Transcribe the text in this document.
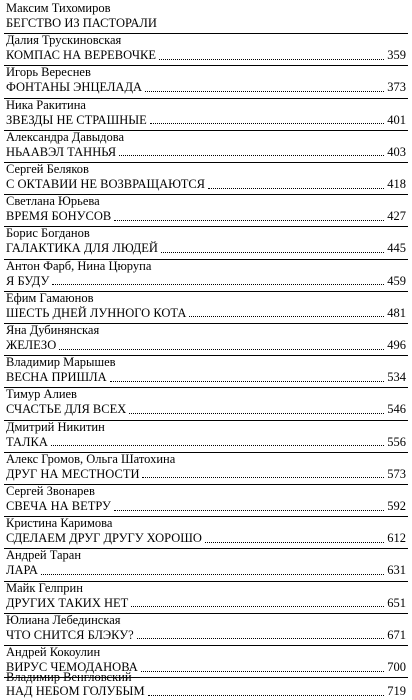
Максим Тихомиров
БЕГСТВО ИЗ ПАСТОРАЛИ
Далия Трускиновская
КОМПАС НА ВЕРЕВОЧКЕ	359
Игорь Вереснев
ФОНТАНЫ ЭНЦЕЛАДА	373
Ника Ракитина
ЗВЕЗДЫ НЕ СТРАШНЫЕ	401
Александра Давыдова
НЬААВЭЛ ТАННЬЯ	403
Сергей Беляков
С ОКТАВИИ НЕ ВОЗВРАЩАЮТСЯ	418
Светлана Юрьева
ВРЕМЯ БОНУСОВ	427
Борис Богданов
ГАЛАКТИКА ДЛЯ ЛЮДЕЙ	445
Антон Фарб, Нина Цюрупа
Я БУДУ	459
Ефим Гамаюнов
ШЕСТЬ ДНЕЙ ЛУННОГО КОТА	481
Яна Дубинянская
ЖЕЛЕЗО	496
Владимир Марышев
ВЕСНА ПРИШЛА	534
Тимур Алиев
СЧАСТЬЕ ДЛЯ ВСЕХ	546
Дмитрий Никитин
ТАЛКА	556
Алекс Громов, Ольга Шатохина
ДРУГ НА МЕСТНОСТИ	573
Сергей Звонарев
СВЕЧА НА ВЕТРУ	592
Кристина Каримова
СДЕЛАЕМ ДРУГ ДРУГУ ХОРОШО	612
Андрей Таран
ЛАРА	631
Майк Гелприн
ДРУГИХ ТАКИХ НЕТ	651
Юлиана Лебединская
ЧТО СНИТСЯ БЛЭКУ?	671
Андрей Кокоулин
ВИРУС ЧЕМОДАНОВА	700
Владимир Венгловский
НАД НЕБОМ ГОЛУБЫМ	719
